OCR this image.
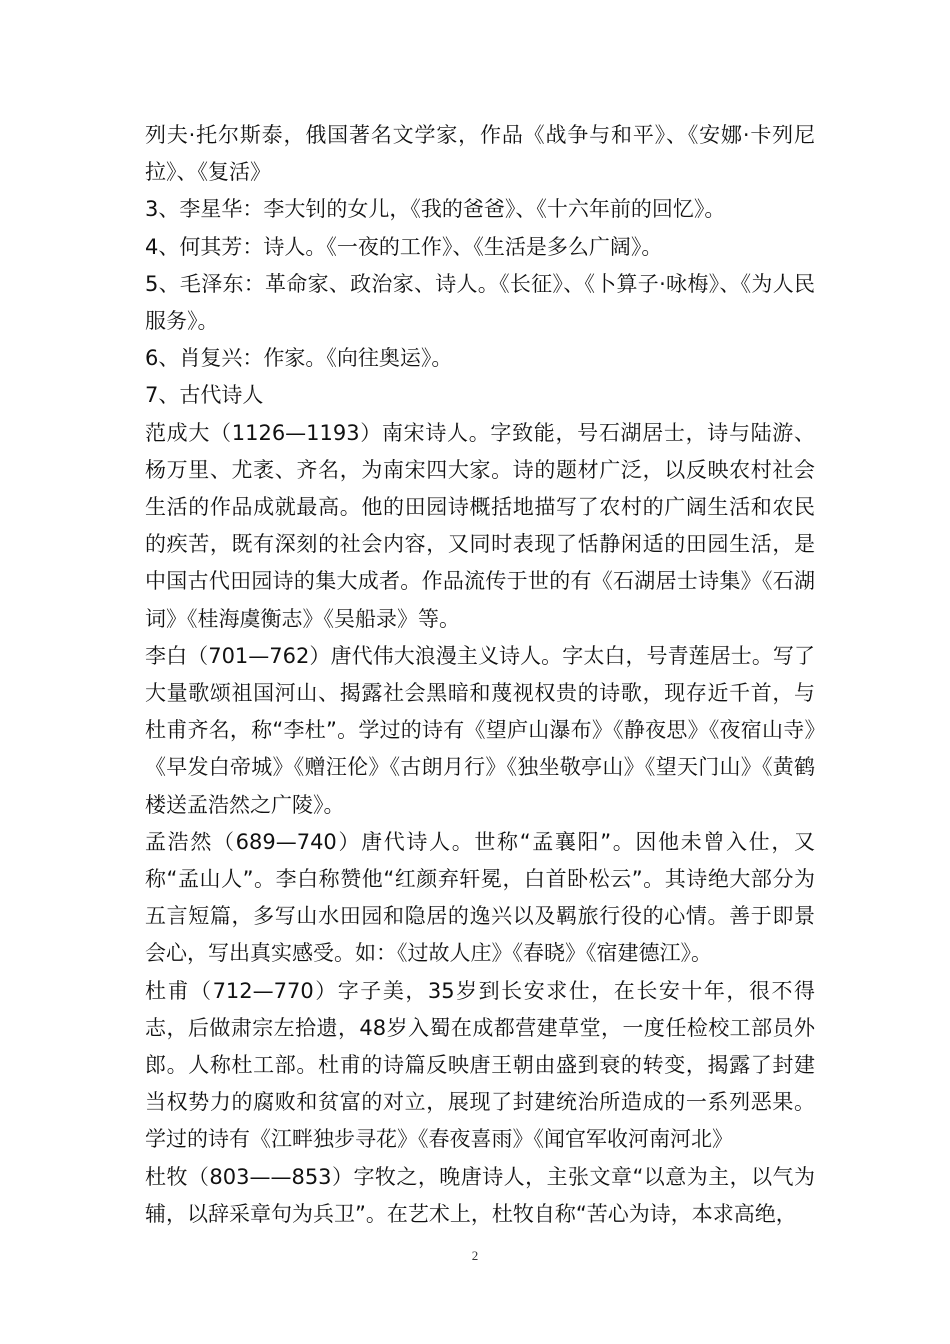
列夫·托尔斯泰，俄国著名文学家，作品《战争与和平》、《安娜·卡列尼拉》、《复活》

3、李星华：李大钊的女儿，《我的爸爸》、《十六年前的回忆》。

4、何其芳：诗人。《一夜的工作》、《生活是多么广阔》。

5、毛泽东：革命家、政治家、诗人。《长征》、《卜算子·咏梅》、《为人民服务》。

6、肖复兴：作家。《向往奥运》。

7、古代诗人

范成大（1126—1193）南宋诗人。字致能，号石湖居士，诗与陆游、杨万里、尤袤、齐名，为南宋四大家。诗的题材广泛，以反映农村社会生活的作品成就最高。他的田园诗概括地描写了农村的广阔生活和农民的疾苦，既有深刻的社会内容，又同时表现了恬静闲适的田园生活，是中国古代田园诗的集大成者。作品流传于世的有《石湖居士诗集》《石湖词》《桂海虞衡志》《吴船录》等。

李白（701—762）唐代伟大浪漫主义诗人。字太白，号青莲居士。写了大量歌颂祖国河山、揭露社会黑暗和蔑视权贵的诗歌，现存近千首，与杜甫齐名，称“李杜”。学过的诗有《望庐山瀑布》《静夜思》《夜宿山寺》《早发白帝城》《赠汪伦》《古朗月行》《独坐敬亭山》《望天门山》《黄鹤楼送孟浩然之广陵》。

孟浩然（689—740）唐代诗人。世称“孟襄阳”。因他未曾入仕，又称“孟山人”。李白称赞他“红颜弃轩冕，白首卧松云”。其诗绝大部分为五言短篇，多写山水田园和隐居的逸兴以及羁旅行役的心情。善于即景会心，写出真实感受。如：《过故人庄》《春晓》《宿建德江》。

杜甫（712—770）字子美，35岁到长安求仕，在长安十年，很不得志，后做肃宗左拾遗，48岁入蜀在成都营建草堂，一度任检校工部员外郎。人称杜工部。杜甫的诗篇反映唐王朝由盛到衰的转变，揭露了封建当权势力的腐败和贫富的对立，展现了封建统治所造成的一系列恶果。学过的诗有《江畔独步寻花》《春夜喜雨》《闻官军收河南河北》

杜牧（803——853）字牧之，晚唐诗人，主张文章“以意为主，以气为辅，以辞采章句为兵卫”。在艺术上，杜牧自称“苦心为诗，本求高绝，

2
